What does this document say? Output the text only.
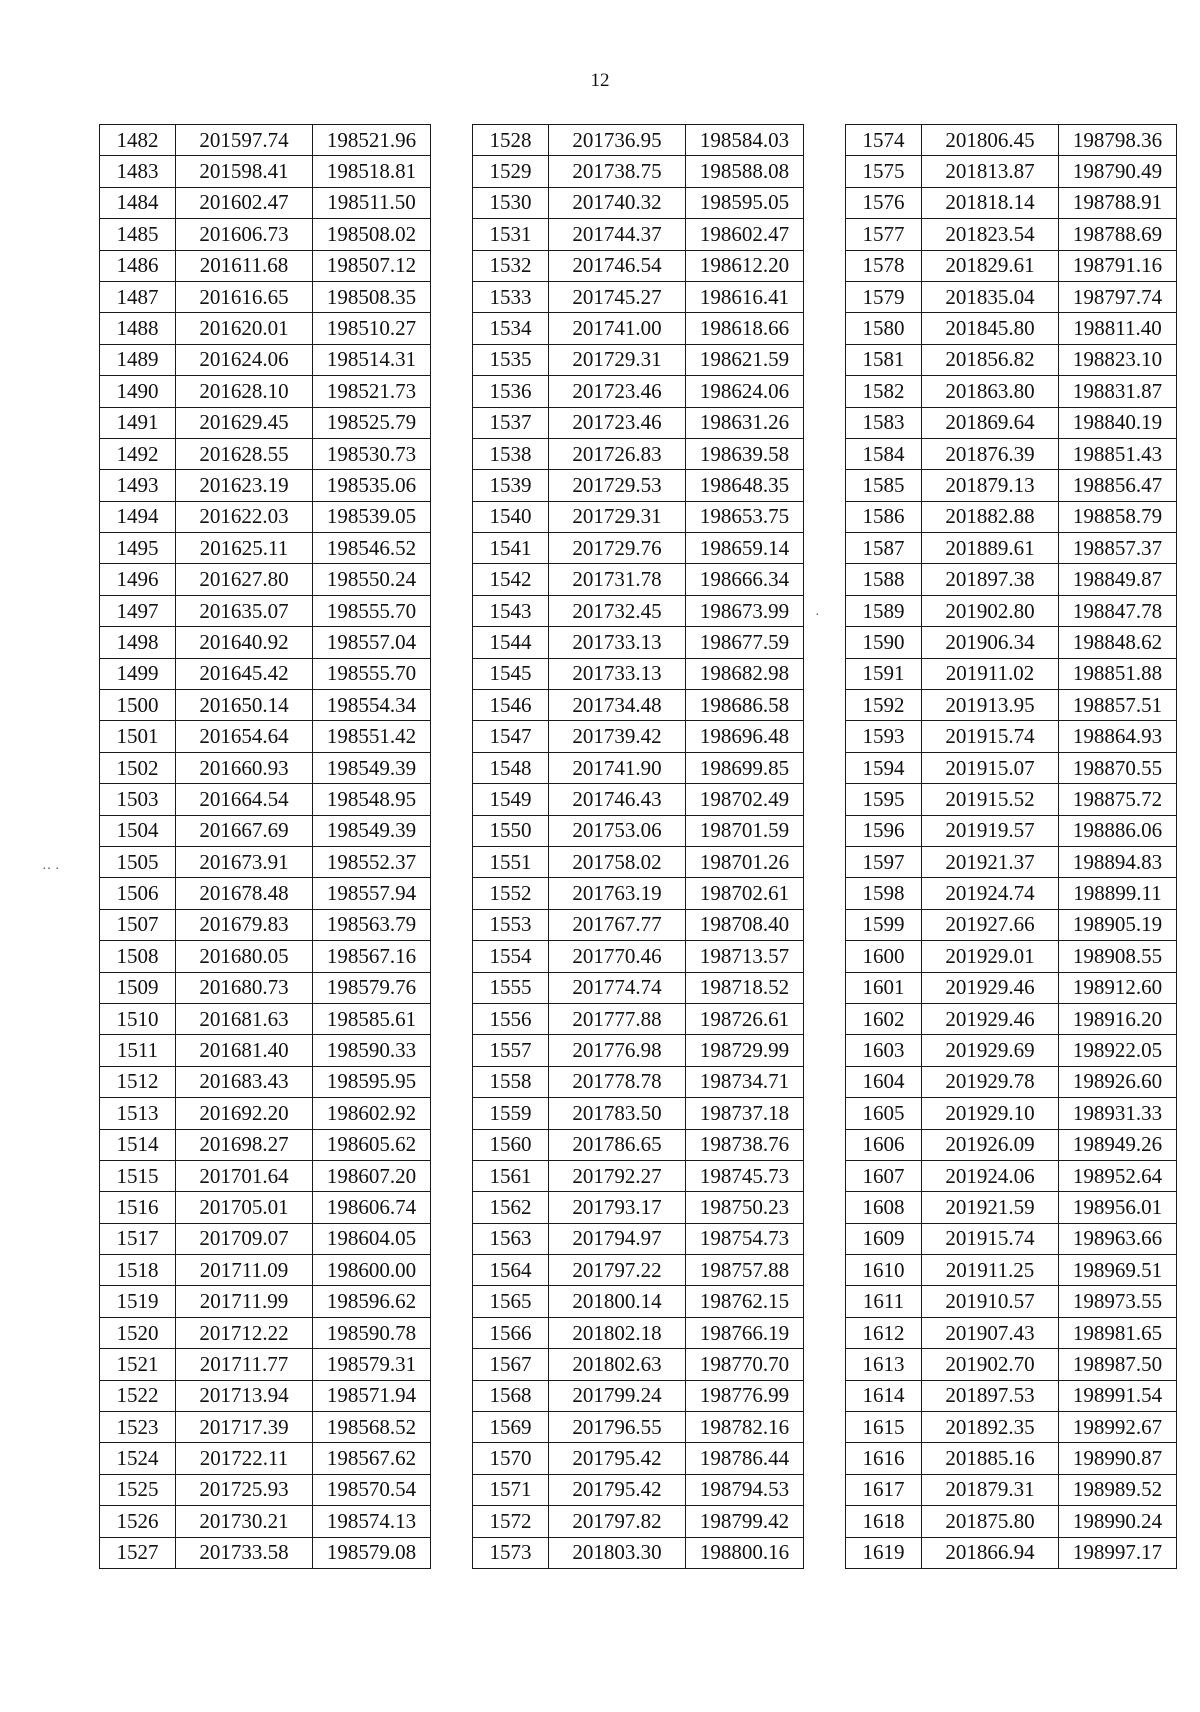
12
·· ·
·
1482	201597.74	198521.96
1483	201598.41	198518.81
1484	201602.47	198511.50
1485	201606.73	198508.02
1486	201611.68	198507.12
1487	201616.65	198508.35
1488	201620.01	198510.27
1489	201624.06	198514.31
1490	201628.10	198521.73
1491	201629.45	198525.79
1492	201628.55	198530.73
1493	201623.19	198535.06
1494	201622.03	198539.05
1495	201625.11	198546.52
1496	201627.80	198550.24
1497	201635.07	198555.70
1498	201640.92	198557.04
1499	201645.42	198555.70
1500	201650.14	198554.34
1501	201654.64	198551.42
1502	201660.93	198549.39
1503	201664.54	198548.95
1504	201667.69	198549.39
1505	201673.91	198552.37
1506	201678.48	198557.94
1507	201679.83	198563.79
1508	201680.05	198567.16
1509	201680.73	198579.76
1510	201681.63	198585.61
1511	201681.40	198590.33
1512	201683.43	198595.95
1513	201692.20	198602.92
1514	201698.27	198605.62
1515	201701.64	198607.20
1516	201705.01	198606.74
1517	201709.07	198604.05
1518	201711.09	198600.00
1519	201711.99	198596.62
1520	201712.22	198590.78
1521	201711.77	198579.31
1522	201713.94	198571.94
1523	201717.39	198568.52
1524	201722.11	198567.62
1525	201725.93	198570.54
1526	201730.21	198574.13
1527	201733.58	198579.08
1528	201736.95	198584.03
1529	201738.75	198588.08
1530	201740.32	198595.05
1531	201744.37	198602.47
1532	201746.54	198612.20
1533	201745.27	198616.41
1534	201741.00	198618.66
1535	201729.31	198621.59
1536	201723.46	198624.06
1537	201723.46	198631.26
1538	201726.83	198639.58
1539	201729.53	198648.35
1540	201729.31	198653.75
1541	201729.76	198659.14
1542	201731.78	198666.34
1543	201732.45	198673.99
1544	201733.13	198677.59
1545	201733.13	198682.98
1546	201734.48	198686.58
1547	201739.42	198696.48
1548	201741.90	198699.85
1549	201746.43	198702.49
1550	201753.06	198701.59
1551	201758.02	198701.26
1552	201763.19	198702.61
1553	201767.77	198708.40
1554	201770.46	198713.57
1555	201774.74	198718.52
1556	201777.88	198726.61
1557	201776.98	198729.99
1558	201778.78	198734.71
1559	201783.50	198737.18
1560	201786.65	198738.76
1561	201792.27	198745.73
1562	201793.17	198750.23
1563	201794.97	198754.73
1564	201797.22	198757.88
1565	201800.14	198762.15
1566	201802.18	198766.19
1567	201802.63	198770.70
1568	201799.24	198776.99
1569	201796.55	198782.16
1570	201795.42	198786.44
1571	201795.42	198794.53
1572	201797.82	198799.42
1573	201803.30	198800.16
1574	201806.45	198798.36
1575	201813.87	198790.49
1576	201818.14	198788.91
1577	201823.54	198788.69
1578	201829.61	198791.16
1579	201835.04	198797.74
1580	201845.80	198811.40
1581	201856.82	198823.10
1582	201863.80	198831.87
1583	201869.64	198840.19
1584	201876.39	198851.43
1585	201879.13	198856.47
1586	201882.88	198858.79
1587	201889.61	198857.37
1588	201897.38	198849.87
1589	201902.80	198847.78
1590	201906.34	198848.62
1591	201911.02	198851.88
1592	201913.95	198857.51
1593	201915.74	198864.93
1594	201915.07	198870.55
1595	201915.52	198875.72
1596	201919.57	198886.06
1597	201921.37	198894.83
1598	201924.74	198899.11
1599	201927.66	198905.19
1600	201929.01	198908.55
1601	201929.46	198912.60
1602	201929.46	198916.20
1603	201929.69	198922.05
1604	201929.78	198926.60
1605	201929.10	198931.33
1606	201926.09	198949.26
1607	201924.06	198952.64
1608	201921.59	198956.01
1609	201915.74	198963.66
1610	201911.25	198969.51
1611	201910.57	198973.55
1612	201907.43	198981.65
1613	201902.70	198987.50
1614	201897.53	198991.54
1615	201892.35	198992.67
1616	201885.16	198990.87
1617	201879.31	198989.52
1618	201875.80	198990.24
1619	201866.94	198997.17
